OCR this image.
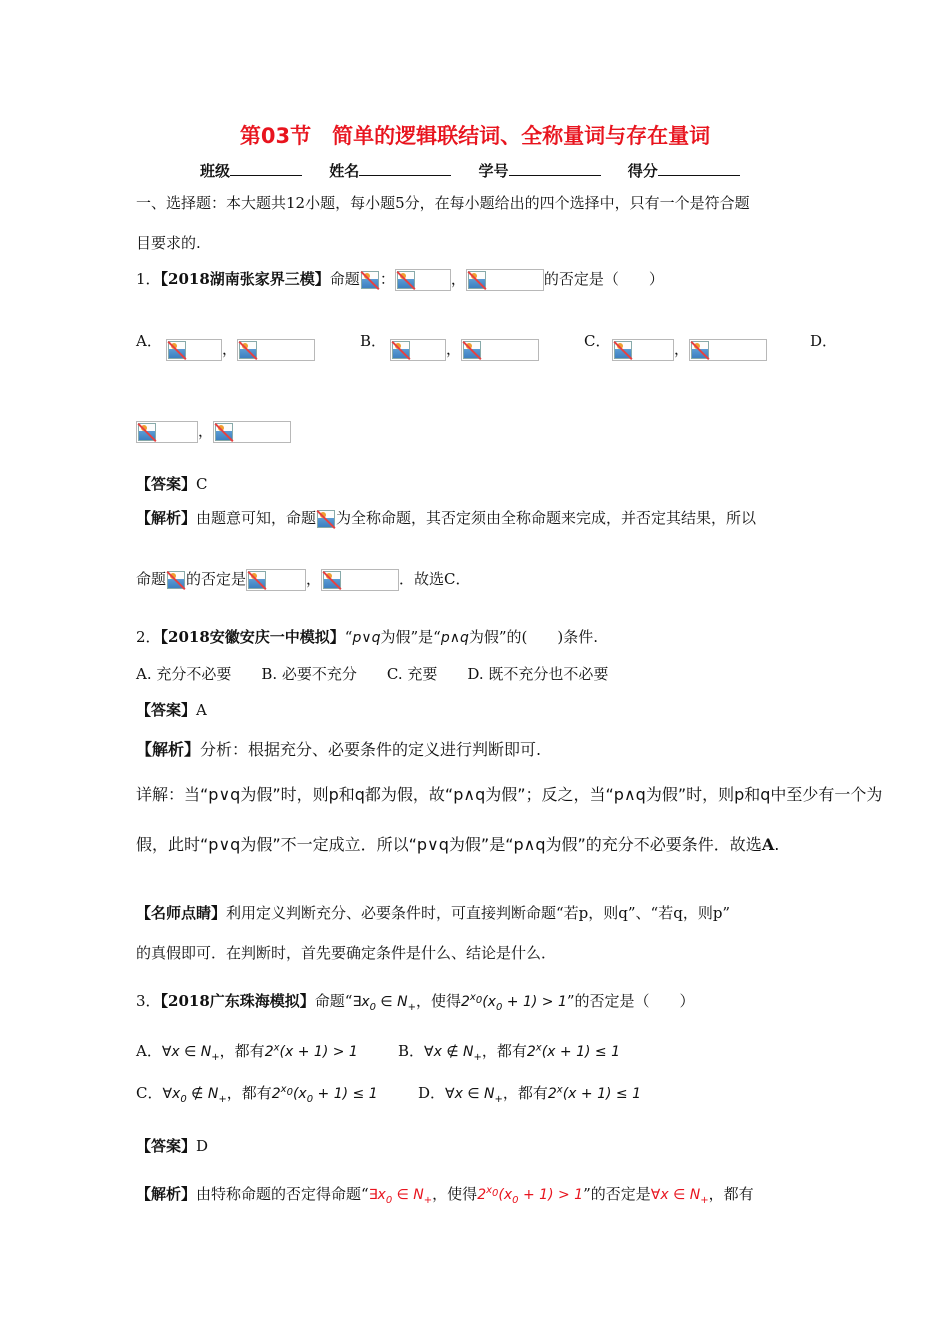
第03节　简单的逻辑联结词、全称量词与存在量词
班级	姓名	学号	得分
一、选择题：本大题共12小题，每小题5分，在每小题给出的四个选择中，只有一个是符合题
目要求的.
1．【2018湖南张家界三模】命题 ：	，	的否定是（　　）
A．	，	B．	，	C．	，	D．
，
【答案】C
【解析】由题意可知，命题 为全称命题，其否定须由全称命题来完成，并否定其结果，所以
命题 的否定是	，	．故选C．
2．【2018安徽安庆一中模拟】“p∨q为假”是“p∧q为假”的(　　)条件.
A. 充分不必要　　B. 必要不充分　　C. 充要　　D. 既不充分也不必要
【答案】A
【解析】分析：根据充分、必要条件的定义进行判断即可.
详解：当“p∨q为假”时，则p和q都为假，故“p∧q为假”；反之，当“p∧q为假”时，则p和q中至少有一个为
假，此时“p∨q为假”不一定成立．所以“p∨q为假”是“p∧q为假”的充分不必要条件．故选A.
【名师点睛】利用定义判断充分、必要条件时，可直接判断命题“若p，则q”、“若q，则p”
的真假即可．在判断时，首先要确定条件是什么、结论是什么．
3．【2018广东珠海模拟】命题“$\exists x_0$ ∈ $N_+$，使得$2^{x_0}(x_0 + 1) > 1$”的否定是（　　）
A．∀x ∈ $N_+$，都有$2^x(x + 1) > 1$	B．∀x ∉ $N_+$，都有$2^x(x + 1) \le 1$
C．$\forall x_0$ ∉ $N_+$，都有$2^{x_0}(x_0 + 1) \le 1$	D．∀x ∈ $N_+$，都有$2^x(x + 1) \le 1$
【答案】D
【解析】由特称命题的否定得命题“$\exists x_0$ ∈ $N_+$，使得$2^{x_0}(x_0 + 1) > 1$”的否定是∀x ∈ $N_+$，都有
